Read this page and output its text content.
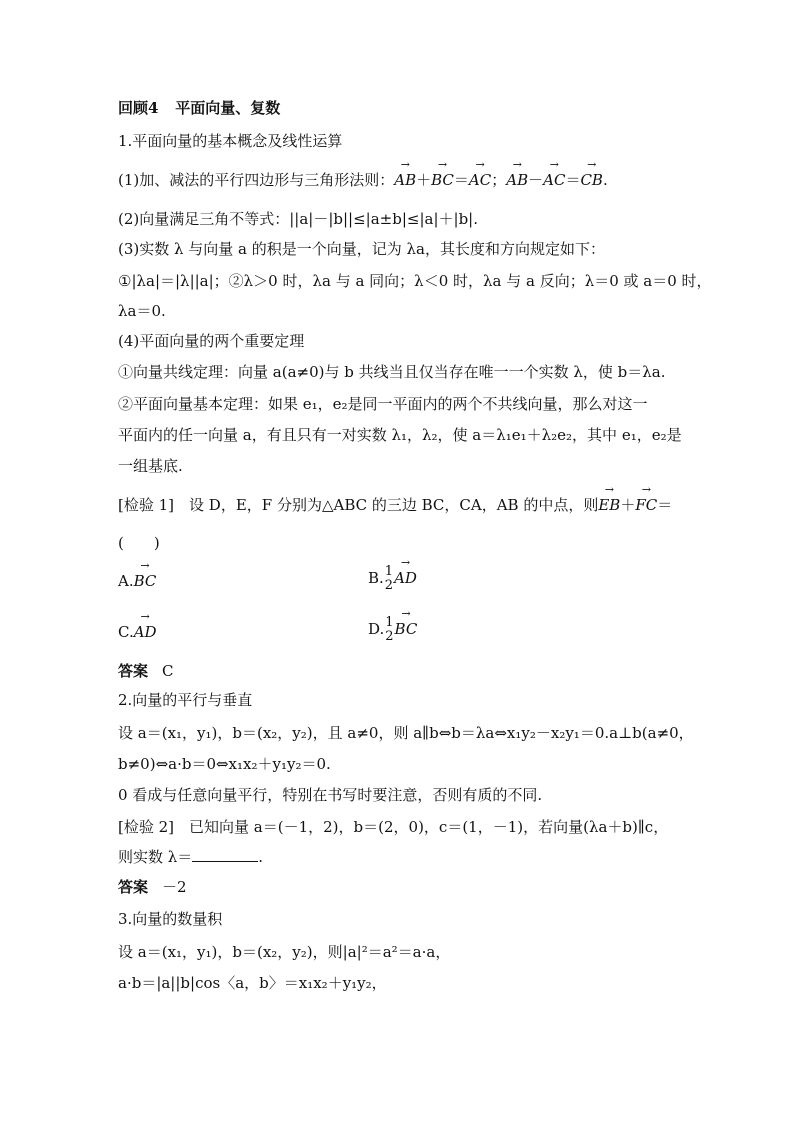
回顾4 平面向量、复数
1.平面向量的基本概念及线性运算
(1)加、减法的平行四边形与三角形法则：→ AB＋→ BC＝→ AC；→ AB－→ AC＝→ CB.
(2)向量满足三角不等式：||a|－|b||≤|a±b|≤|a|＋|b|.
(3)实数 λ 与向量 a 的积是一个向量，记为 λa，其长度和方向规定如下：
①|λa|＝|λ||a|；②λ＞0 时，λa 与 a 同向；λ＜0 时，λa 与 a 反向；λ＝0 或 a＝0 时，
λa＝0.
(4)平面向量的两个重要定理
①向量共线定理：向量 a(a≠0)与 b 共线当且仅当存在唯一一个实数 λ，使 b＝λa.
②平面向量基本定理：如果 e₁，e₂是同一平面内的两个不共线向量，那么对这一
平面内的任一向量 a，有且只有一对实数 λ₁，λ₂，使 a＝λ₁e₁＋λ₂e₂，其中 e₁，e₂是
一组基底.
[检验 1]　设 D，E，F 分别为△ABC 的三边 BC，CA，AB 的中点，则→ EB＋→ FC＝
(　　)
A.→ BC	B. 1
2 → AD
C.→ AD	D. 1
2 → BC
答案 C
2.向量的平行与垂直
设 a＝(x₁，y₁)，b＝(x₂，y₂)，且 a≠0，则 a∥b⇔b＝λa⇔x₁y₂－x₂y₁＝0.a⊥b(a≠0，
b≠0)⇔a·b＝0⇔x₁x₂＋y₁y₂＝0.
0 看成与任意向量平行，特别在书写时要注意，否则有质的不同.
[检验 2]　已知向量 a＝(－1，2)，b＝(2，0)，c＝(1，－1)，若向量(λa＋b)∥c，
则实数 λ＝	.
答案 －2
3.向量的数量积
设 a＝(x₁，y₁)，b＝(x₂，y₂)，则|a|²＝a²＝a·a，
a·b＝|a||b|cos〈a，b〉＝x₁x₂＋y₁y₂，
